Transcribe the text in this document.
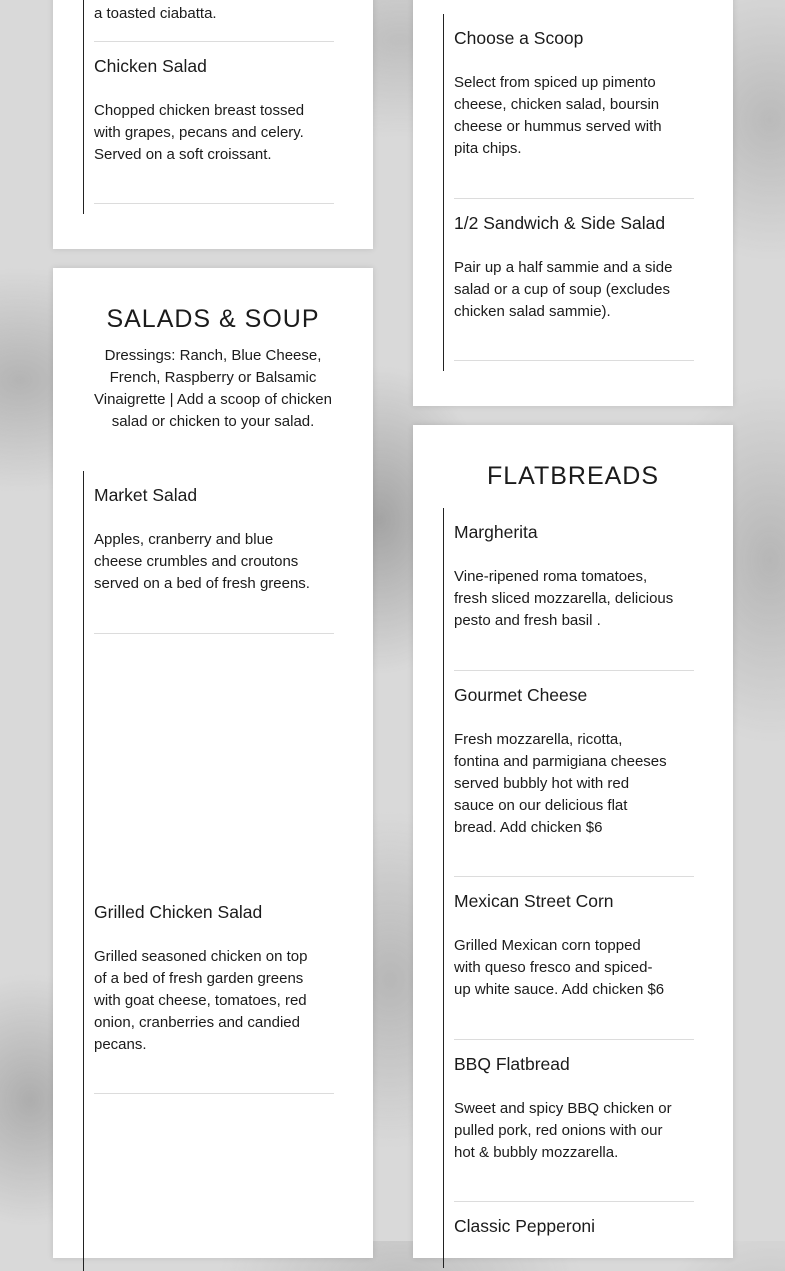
a toasted ciabatta.

Chicken Salad

Chopped chicken breast tossed with grapes, pecans and celery. Served on a soft croissant.

SALADS & SOUP

Dressings: Ranch, Blue Cheese, French, Raspberry or Balsamic Vinaigrette | Add a scoop of chicken salad or chicken to your salad.

Market Salad

Apples, cranberry and blue cheese crumbles and croutons served on a bed of fresh greens.

Grilled Chicken Salad

Grilled seasoned chicken on top of a bed of fresh garden greens with goat cheese, tomatoes, red onion, cranberries and candied pecans.

Choose a Scoop

Select from spiced up pimento cheese, chicken salad, boursin cheese or hummus served with pita chips.

1/2 Sandwich & Side Salad

Pair up a half sammie and a side salad or a cup of soup (excludes chicken salad sammie).

FLATBREADS

Margherita

Vine-ripened roma tomatoes, fresh sliced mozzarella, delicious pesto and fresh basil .

Gourmet Cheese

Fresh mozzarella, ricotta, fontina and parmigiana cheeses served bubbly hot with red sauce on our delicious flat bread. Add chicken $6

Mexican Street Corn

Grilled Mexican corn topped with queso fresco and spiced-up white sauce. Add chicken $6

BBQ Flatbread

Sweet and spicy BBQ chicken or pulled pork, red onions with our hot & bubbly mozzarella.

Classic Pepperoni
